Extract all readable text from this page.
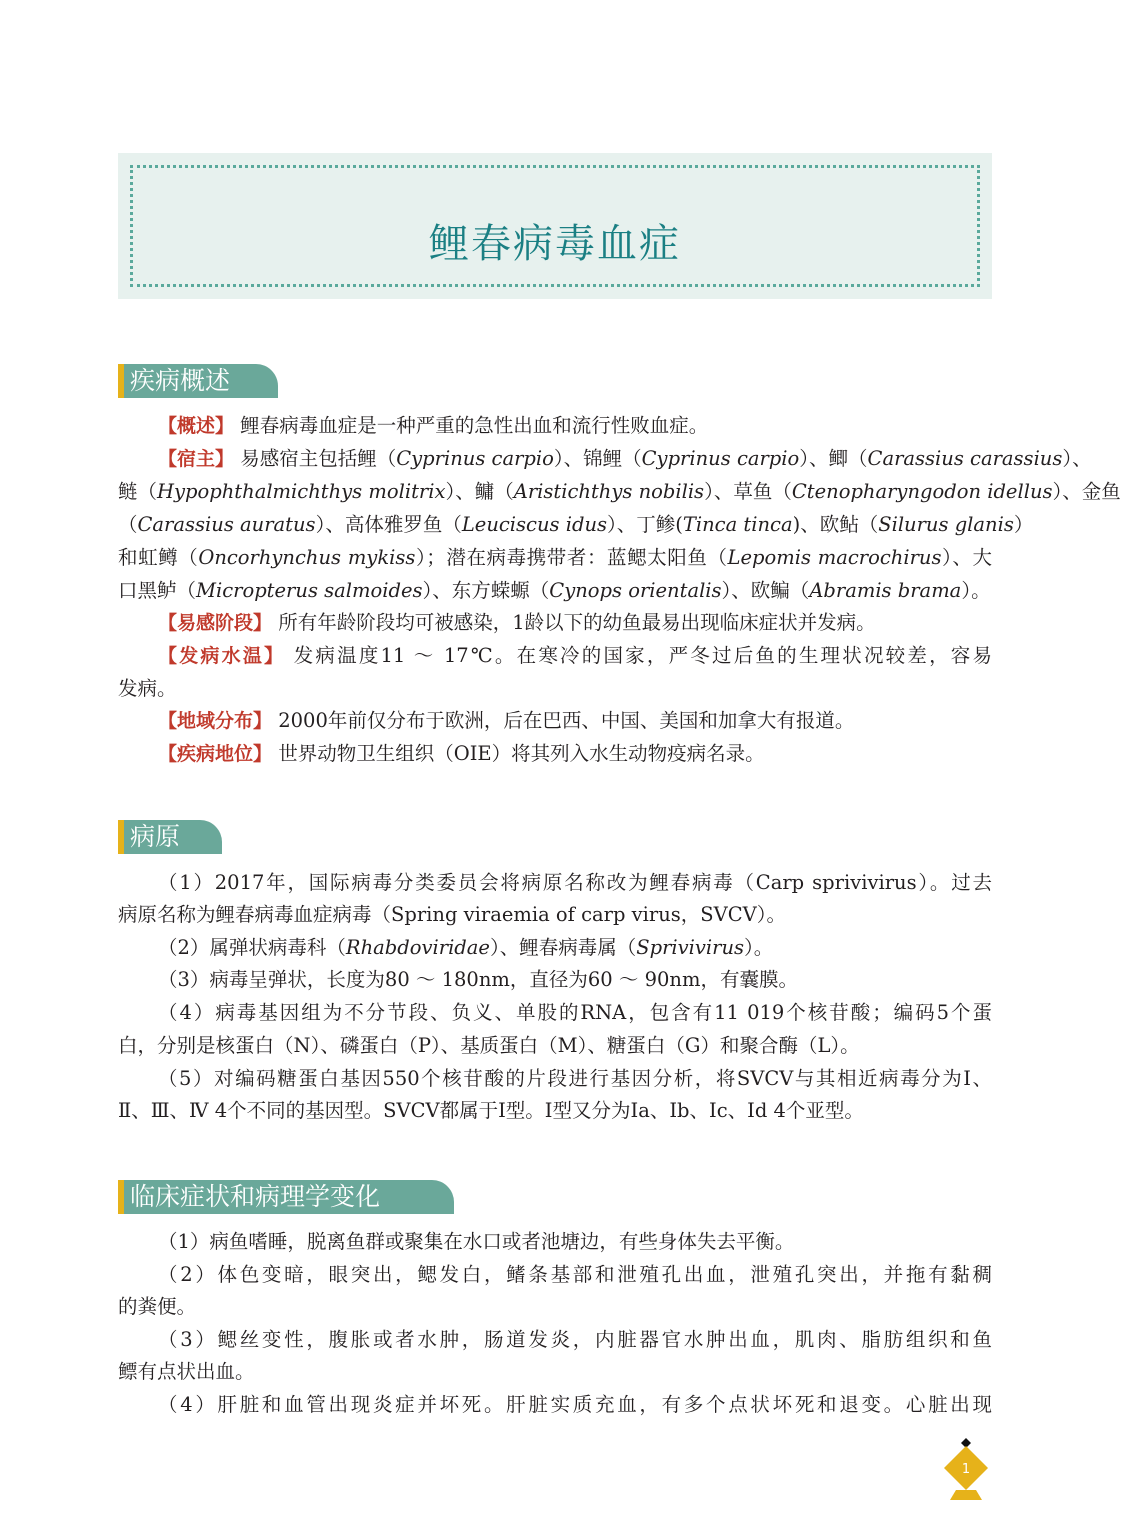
鲤春病毒血症
疾病概述
【概述】 鲤春病毒血症是一种严重的急性出血和流行性败血症。
【宿主】 易感宿主包括鲤（Cyprinus carpio）、锦鲤（Cyprinus carpio）、鲫（Carassius carassius）、
鲢（Hypophthalmichthys molitrix）、鳙（Aristichthys nobilis）、草鱼（Ctenopharyngodon idellus）、金鱼
（Carassius auratus）、高体雅罗鱼（Leuciscus idus）、丁鲹(Tinca tinca)、欧鲇（Silurus glanis）
和虹鳟（Oncorhynchus mykiss）；潜在病毒携带者：蓝鳃太阳鱼（Lepomis macrochirus）、大
口黑鲈（Micropterus salmoides）、东方蝾螈（Cynops orientalis）、欧鳊（Abramis brama）。
【易感阶段】 所有年龄阶段均可被感染，1龄以下的幼鱼最易出现临床症状并发病。
【发病水温】 发病温度11 ～ 17℃。在寒冷的国家，严冬过后鱼的生理状况较差，容易
发病。
【地域分布】 2000年前仅分布于欧洲，后在巴西、中国、美国和加拿大有报道。
【疾病地位】 世界动物卫生组织（OIE）将其列入水生动物疫病名录。
病原
（1）2017年，国际病毒分类委员会将病原名称改为鲤春病毒（Carp sprivivirus）。过去
病原名称为鲤春病毒血症病毒（Spring viraemia of carp virus，SVCV）。
（2）属弹状病毒科（Rhabdoviridae）、鲤春病毒属（Sprivivirus）。
（3）病毒呈弹状，长度为80 ～ 180nm，直径为60 ～ 90nm，有囊膜。
（4）病毒基因组为不分节段、负义、单股的RNA，包含有11 019个核苷酸；编码5个蛋
白，分别是核蛋白（N）、磷蛋白（P）、基质蛋白（M）、糖蛋白（G）和聚合酶（L）。
（5）对编码糖蛋白基因550个核苷酸的片段进行基因分析，将SVCV与其相近病毒分为Ⅰ、
Ⅱ、Ⅲ、Ⅳ 4个不同的基因型。SVCV都属于Ⅰ型。Ⅰ型又分为Ia、Ib、Ic、Id 4个亚型。
临床症状和病理学变化
（1）病鱼嗜睡，脱离鱼群或聚集在水口或者池塘边，有些身体失去平衡。
（2）体色变暗，眼突出，鳃发白，鳍条基部和泄殖孔出血，泄殖孔突出，并拖有黏稠
的粪便。
（3）鳃丝变性，腹胀或者水肿，肠道发炎，内脏器官水肿出血，肌肉、脂肪组织和鱼
鳔有点状出血。
（4）肝脏和血管出现炎症并坏死。肝脏实质充血，有多个点状坏死和退变。心脏出现
1
